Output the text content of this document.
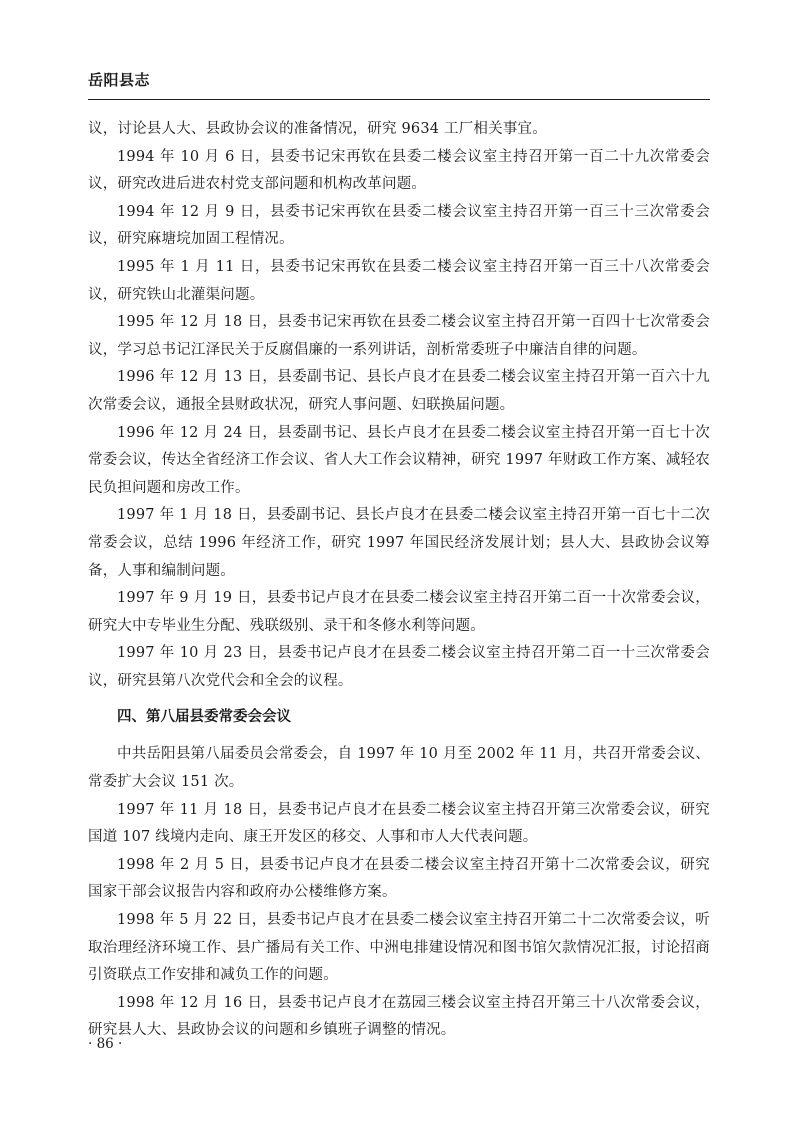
岳阳县志

议，讨论县人大、县政协会议的准备情况，研究 9634 工厂相关事宜。

1994 年 10 月 6 日，县委书记宋再钦在县委二楼会议室主持召开第一百二十九次常委会议，研究改进后进农村党支部问题和机构改革问题。

1994 年 12 月 9 日，县委书记宋再钦在县委二楼会议室主持召开第一百三十三次常委会议，研究麻塘垸加固工程情况。

1995 年 1 月 11 日，县委书记宋再钦在县委二楼会议室主持召开第一百三十八次常委会议，研究铁山北灌渠问题。

1995 年 12 月 18 日，县委书记宋再钦在县委二楼会议室主持召开第一百四十七次常委会议，学习总书记江泽民关于反腐倡廉的一系列讲话，剖析常委班子中廉洁自律的问题。

1996 年 12 月 13 日，县委副书记、县长卢良才在县委二楼会议室主持召开第一百六十九次常委会议，通报全县财政状况，研究人事问题、妇联换届问题。

1996 年 12 月 24 日，县委副书记、县长卢良才在县委二楼会议室主持召开第一百七十次常委会议，传达全省经济工作会议、省人大工作会议精神，研究 1997 年财政工作方案、减轻农民负担问题和房改工作。

1997 年 1 月 18 日，县委副书记、县长卢良才在县委二楼会议室主持召开第一百七十二次常委会议，总结 1996 年经济工作，研究 1997 年国民经济发展计划；县人大、县政协会议筹备，人事和编制问题。

1997 年 9 月 19 日，县委书记卢良才在县委二楼会议室主持召开第二百一十次常委会议，研究大中专毕业生分配、残联级别、录干和冬修水利等问题。

1997 年 10 月 23 日，县委书记卢良才在县委二楼会议室主持召开第二百一十三次常委会议，研究县第八次党代会和全会的议程。

四、第八届县委常委会会议

中共岳阳县第八届委员会常委会，自 1997 年 10 月至 2002 年 11 月，共召开常委会议、常委扩大会议 151 次。

1997 年 11 月 18 日，县委书记卢良才在县委二楼会议室主持召开第三次常委会议，研究国道 107 线境内走向、康王开发区的移交、人事和市人大代表问题。

1998 年 2 月 5 日，县委书记卢良才在县委二楼会议室主持召开第十二次常委会议，研究国家干部会议报告内容和政府办公楼维修方案。

1998 年 5 月 22 日，县委书记卢良才在县委二楼会议室主持召开第二十二次常委会议，听取治理经济环境工作、县广播局有关工作、中洲电排建设情况和图书馆欠款情况汇报，讨论招商引资联点工作安排和减负工作的问题。

1998 年 12 月 16 日，县委书记卢良才在荔园三楼会议室主持召开第三十八次常委会议，研究县人大、县政协会议的问题和乡镇班子调整的情况。

· 86 ·
